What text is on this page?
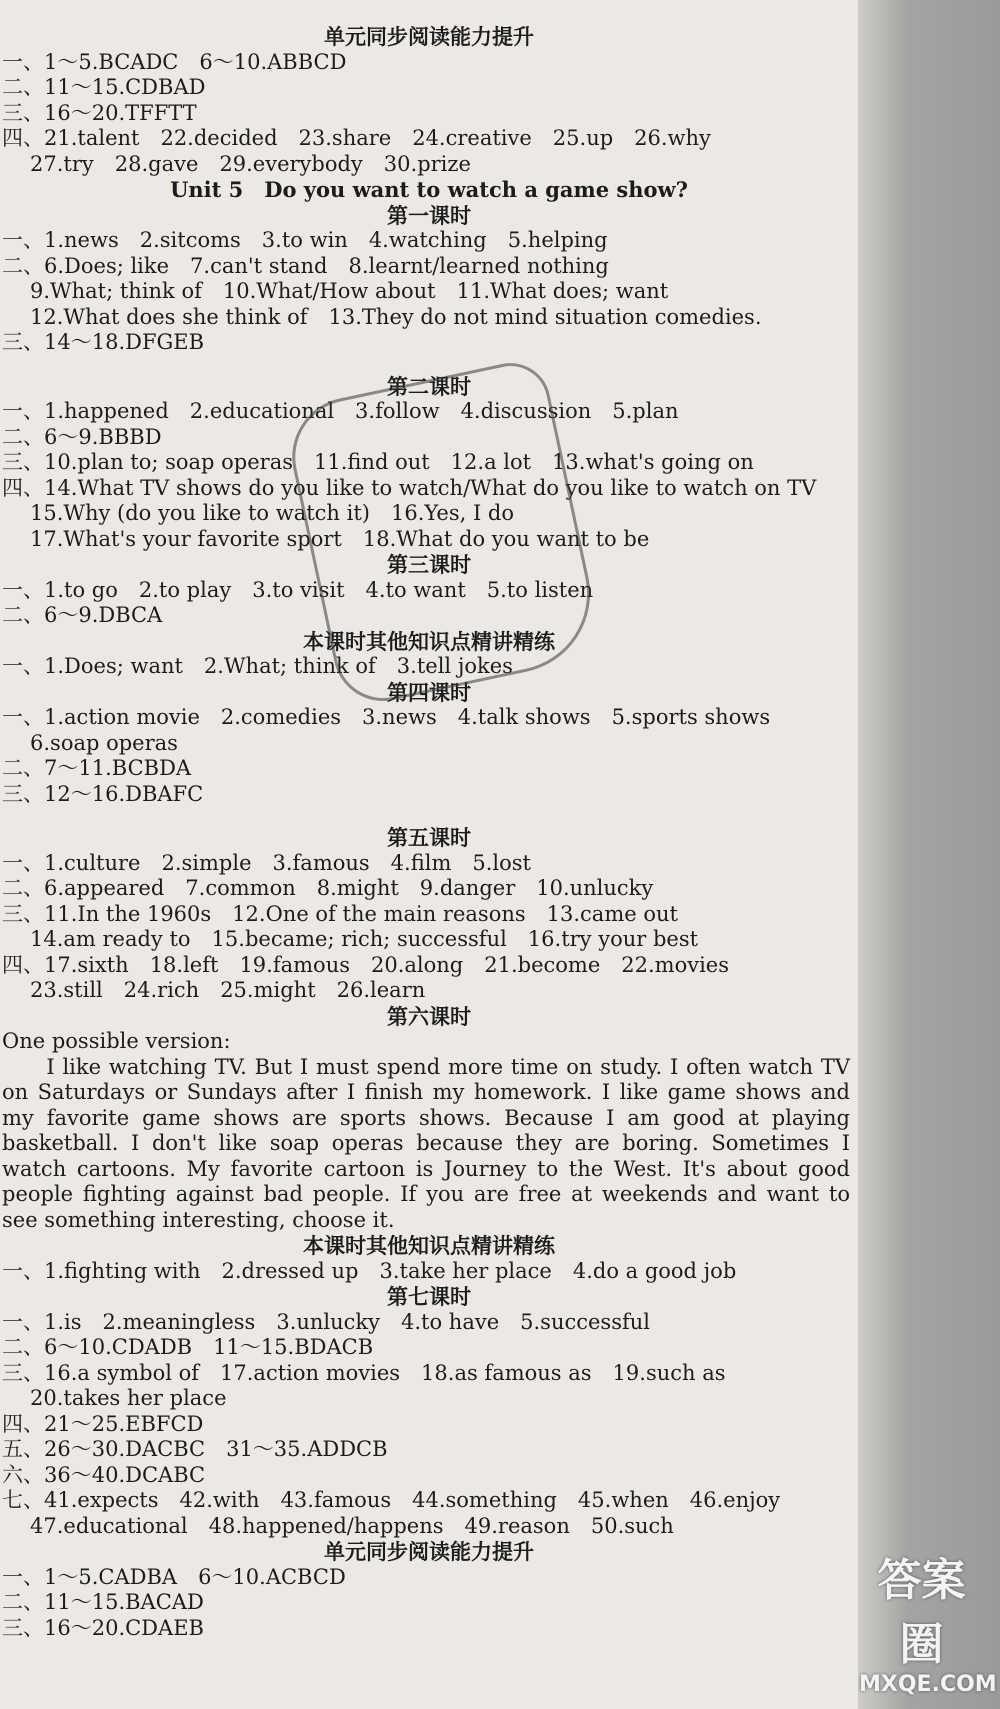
单元同步阅读能力提升
一、1～5.BCADC　6～10.ABBCD
二、11～15.CDBAD
三、16～20.TFFTT
四、21.talent　22.decided　23.share　24.creative　25.up　26.why
27.try　28.gave　29.everybody　30.prize
Unit 5　Do you want to watch a game show?
第一课时
一、1.news　2.sitcoms　3.to win　4.watching　5.helping
二、6.Does; like　7.can't stand　8.learnt/learned nothing
9.What; think of　10.What/How about　11.What does; want
12.What does she think of　13.They do not mind situation comedies.
三、14～18.DFGEB
第二课时
一、1.happened　2.educational　3.follow　4.discussion　5.plan
二、6～9.BBBD
三、10.plan to; soap operas　11.find out　12.a lot　13.what's going on
四、14.What TV shows do you like to watch/What do you like to watch on TV
15.Why (do you like to watch it)　16.Yes, I do
17.What's your favorite sport　18.What do you want to be
第三课时
一、1.to go　2.to play　3.to visit　4.to want　5.to listen
二、6～9.DBCA
本课时其他知识点精讲精练
一、1.Does; want　2.What; think of　3.tell jokes
第四课时
一、1.action movie　2.comedies　3.news　4.talk shows　5.sports shows
6.soap operas
二、7～11.BCBDA
三、12～16.DBAFC
第五课时
一、1.culture　2.simple　3.famous　4.film　5.lost
二、6.appeared　7.common　8.might　9.danger　10.unlucky
三、11.In the 1960s　12.One of the main reasons　13.came out
14.am ready to　15.became; rich; successful　16.try your best
四、17.sixth　18.left　19.famous　20.along　21.become　22.movies
23.still　24.rich　25.might　26.learn
第六课时
One possible version:
　　I like watching TV. But I must spend more time on study. I often watch TV on Saturdays or Sundays after I finish my homework. I like game shows and my favorite game shows are sports shows. Because I am good at playing basketball. I don't like soap operas because they are boring. Sometimes I watch cartoons. My favorite cartoon is Journey to the West. It's about good people fighting against bad people. If you are free at weekends and want to see something interesting, choose it.
本课时其他知识点精讲精练
一、1.fighting with　2.dressed up　3.take her place　4.do a good job
第七课时
一、1.is　2.meaningless　3.unlucky　4.to have　5.successful
二、6～10.CDADB　11～15.BDACB
三、16.a symbol of　17.action movies　18.as famous as　19.such as
20.takes her place
四、21～25.EBFCD
五、26～30.DACBC　31～35.ADDCB
六、36～40.DCABC
七、41.expects　42.with　43.famous　44.something　45.when　46.enjoy
47.educational　48.happened/happens　49.reason　50.such
单元同步阅读能力提升
一、1～5.CADBA　6～10.ACBCD
二、11～15.BACAD
三、16～20.CDAEB
答案圈
MXQE.COM
